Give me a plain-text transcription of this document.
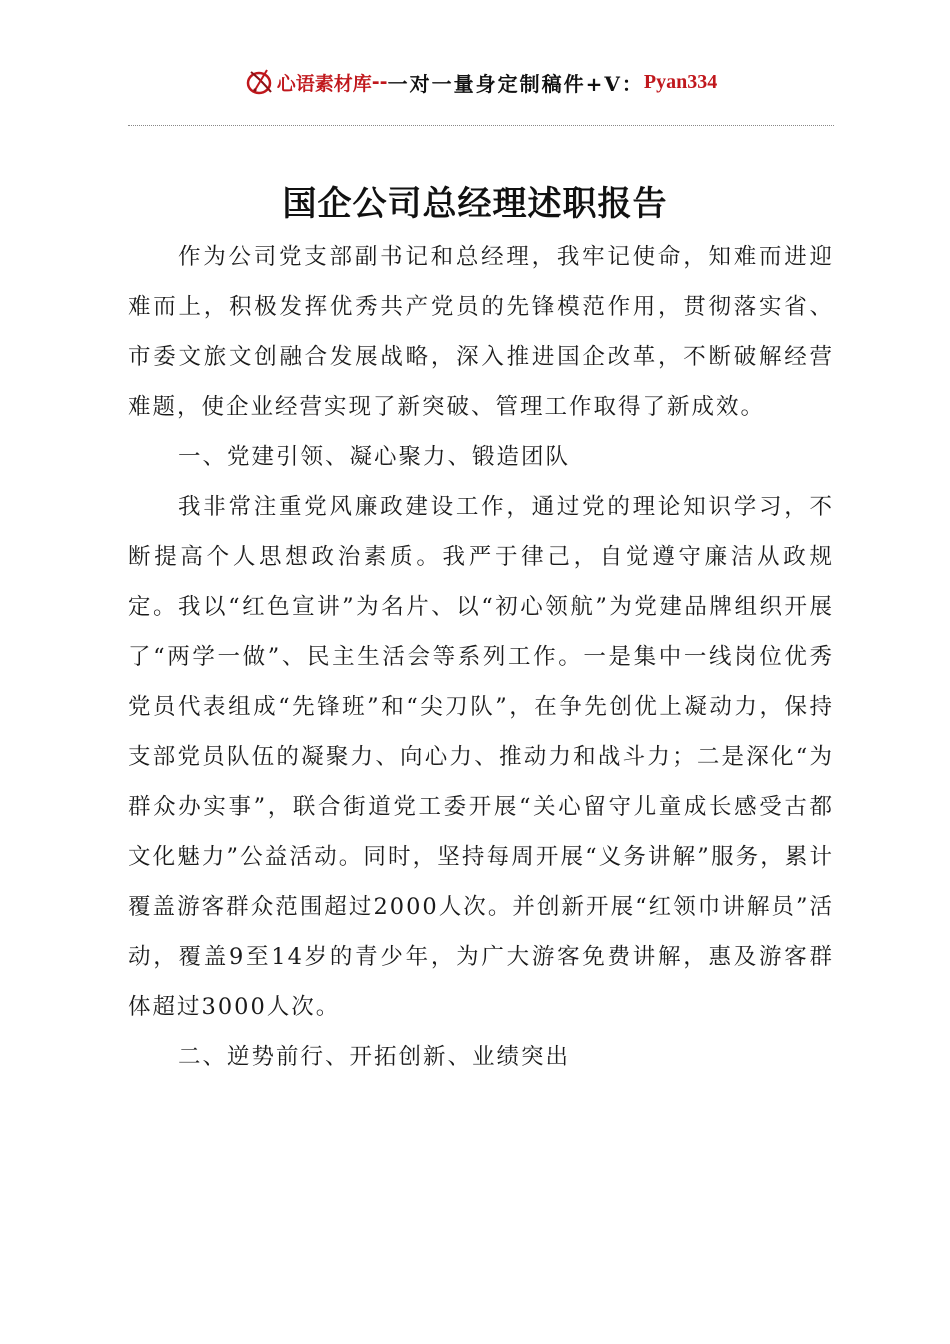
心语素材库 -- 一对一量身定制稿件+V： Pyan334
国企公司总经理述职报告

作为公司党支部副书记和总经理，我牢记使命，知难而进迎难而上，积极发挥优秀共产党员的先锋模范作用，贯彻落实省、市委文旅文创融合发展战略，深入推进国企改革，不断破解经营难题，使企业经营实现了新突破、管理工作取得了新成效。

一、党建引领、凝心聚力、锻造团队

我非常注重党风廉政建设工作，通过党的理论知识学习，不断提高个人思想政治素质。我严于律己，自觉遵守廉洁从政规定。我以“红色宣讲”为名片、以“初心领航”为党建品牌组织开展了“两学一做”、民主生活会等系列工作。一是集中一线岗位优秀党员代表组成“先锋班”和“尖刀队”，在争先创优上凝动力，保持支部党员队伍的凝聚力、向心力、推动力和战斗力；二是深化“为群众办实事”，联合街道党工委开展“关心留守儿童成长感受古都文化魅力”公益活动。同时，坚持每周开展“义务讲解”服务，累计覆盖游客群众范围超过2000人次。并创新开展“红领巾讲解员”活动，覆盖9至14岁的青少年，为广大游客免费讲解，惠及游客群体超过3000人次。

二、逆势前行、开拓创新、业绩突出
